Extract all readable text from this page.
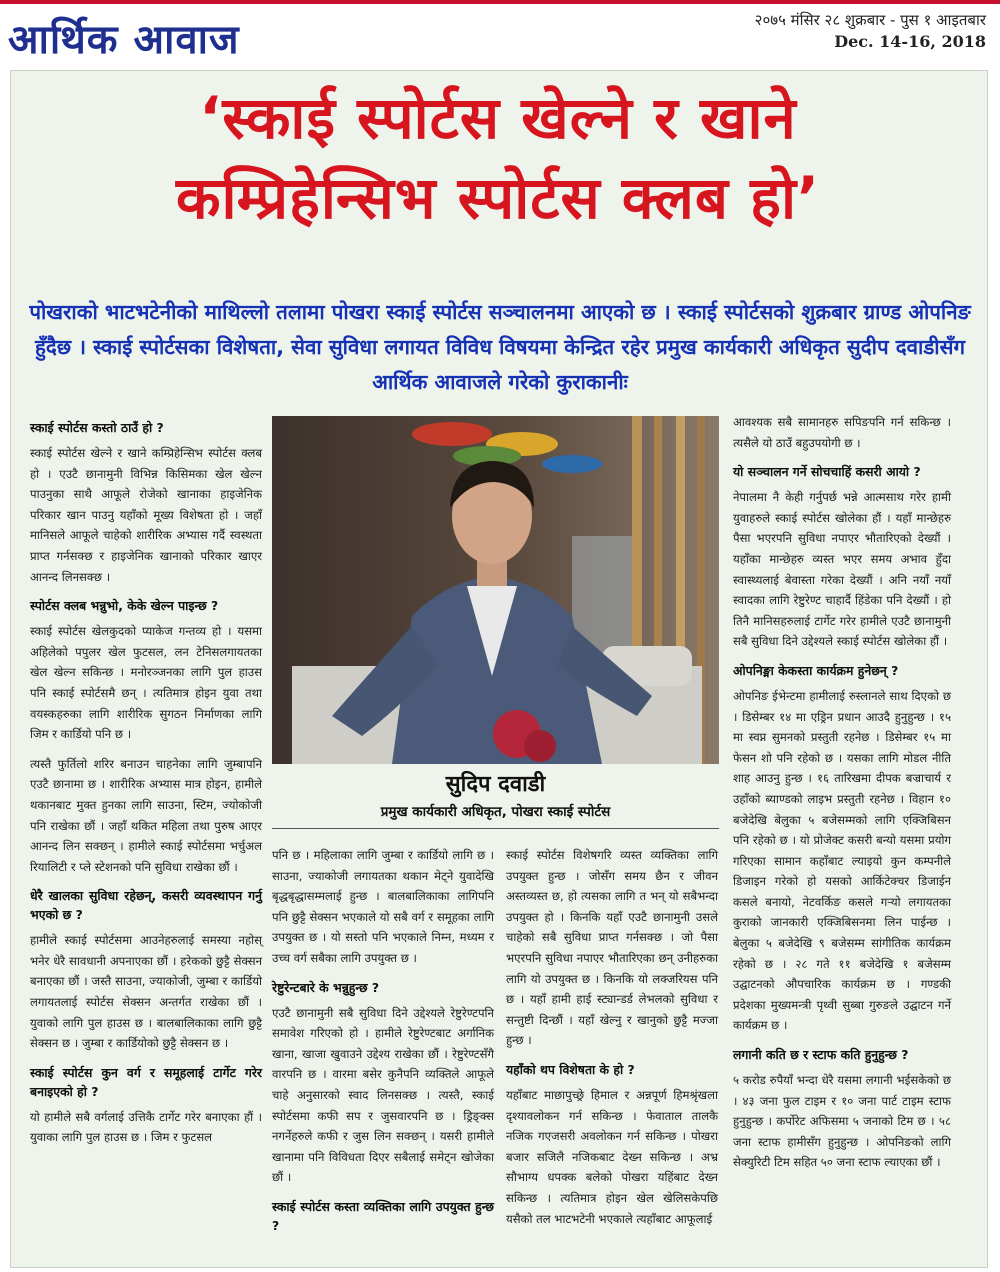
आर्थिक आवाज	२०७५ मंसिर २८ शुक्रबार - पुस १ आइतबार
Dec. 14-16, 2018
‘स्काई स्पोर्टस खेल्ने र खाने
कम्प्रिहेन्सिभ स्पोर्टस क्लब हो’
पोखराको भाटभटेनीको माथिल्लो तलामा पोखरा स्काई स्पोर्टस सञ्चालनमा आएको छ । स्काई स्पोर्टसको शुक्रबार ग्राण्ड ओपनिङ हुँदैछ । स्काई स्पोर्टसका विशेषता, सेवा सुविधा लगायत विविध विषयमा केन्द्रित रहेर प्रमुख कार्यकारी अधिकृत सुदीप दवाडीसँग आर्थिक आवाजले गरेको कुराकानीः
स्काई स्पोर्टस कस्तो ठाउँ हो ?

स्काई स्पोर्टस खेल्ने र खाने कम्प्रिहेन्सिभ स्पोर्टस क्लब हो । एउटै छानामुनी विभिन्न किसिमका खेल खेल्न पाउनुका साथै आफूले रोजेको खानाका हाइजेनिक परिकार खान पाउनु यहाँको मूख्य विशेषता हो । जहाँ मानिसले आफूले चाहेको शारीरिक अभ्यास गर्दै स्वस्थता प्राप्त गर्नसक्छ र हाइजेनिक खानाको परिकार खाएर आनन्द लिनसक्छ ।

स्पोर्टस क्लब भन्नुभो, केके खेल्न पाइन्छ ?

स्काई स्पोर्टस खेलकुदको प्याकेज गन्तव्य हो । यसमा अहिलेको पपुलर खेल फुटसल, लन टेनिसलगायतका खेल खेल्न सकिन्छ । मनोरञ्जनका लागि पुल हाउस पनि स्काई स्पोर्टसमै छन् । त्यतिमात्र होइन युवा तथा वयस्कहरुका लागि शारीरिक सुगठन निर्माणका लागि जिम र कार्डियो पनि छ ।

त्यस्तै फुर्तिलो शरिर बनाउन चाहनेका लागि जुम्बापनि एउटै छानामा छ । शारीरिक अभ्यास मात्र होइन, हामीले थकानबाट मुक्त हुनका लागि साउना, स्टिम, ज्योकोजी पनि राखेका छौं । जहाँ थकित महिला तथा पुरुष आएर आनन्द लिन सक्छन् । हामीले स्काई स्पोर्टसमा भर्चुअल रियालिटी र प्ले स्टेशनको पनि सुविधा राखेका छौं ।

धेरै खालका सुविधा रहेछन्, कसरी व्यवस्थापन गर्नु भएको छ ?

हामीले स्काई स्पोर्टसमा आउनेहरुलाई समस्या नहोस् भनेर धेरै सावधानी अपनाएका छौं । हरेकको छुट्टै सेक्सन बनाएका छौं । जस्तै साउना, ज्याकोजी, जुम्बा र कार्डियो लगायतलाई स्पोर्टस सेक्सन अन्तर्गत राखेका छौं । युवाको लागि पुल हाउस छ । बालबालिकाका लागि छुट्टै सेक्सन छ । जुम्बा र कार्डियोको छुट्टै सेक्सन छ ।

स्काई स्पोर्टस कुन वर्ग र समूहलाई टार्गेट गरेर बनाइएको हो ?

यो हामीले सबै वर्गलाई उत्तिकै टार्गेट गरेर बनाएका हौं । युवाका लागि पुल हाउस छ । जिम र फुटसल

सुदिप दवाडी
प्रमुख कार्यकारी अधिकृत, पोखरा स्काई स्पोर्टस

पनि छ । महिलाका लागि जुम्बा र कार्डियो लागि छ । साउना, ज्याकोजी लगायतका थकान मेट्ने युवादेखि बृद्धबृद्धासम्मलाई हुन्छ । बालबालिकाका लागिपनि पनि छुट्टै सेक्सन भएकाले यो सबै वर्ग र समूहका लागि उपयुक्त छ । यो सस्तो पनि भएकाले निम्न, मध्यम र उच्च वर्ग सबैका लागि उपयुक्त छ ।

रेष्टुरेन्टबारे के भन्नुहुन्छ ?

एउटै छानामुनी सबै सुविधा दिने उद्देश्यले रेष्टुरेण्टपनि समावेश गरिएको हो । हामीले रेष्टुरेण्टबाट अर्गानिक खाना, खाजा खुवाउने उद्देश्य राखेका छौं । रेष्टुरेण्टसँगै वारपनि छ । वारमा बसेर कुनैपनि व्यक्तिले आफूले चाहे अनुसारको स्वाद लिनसक्छ । त्यस्तै, स्काई स्पोर्टसमा कफी सप र जुसवारपनि छ । ड्रिङ्क्स नगर्नेहरुले कफी र जुस लिन सक्छन् । यसरी हामीले खानामा पनि विविधता दिएर सबैलाई समेट्न खोजेका छौं ।

स्काई स्पोर्टस कस्ता व्यक्तिका लागि उपयुक्त हुन्छ ?

स्काई स्पोर्टस विशेषगरि व्यस्त व्यक्तिका लागि उपयुक्त हुन्छ । जोसँग समय छैन र जीवन अस्तव्यस्त छ, हो त्यसका लागि त भन् यो सबैभन्दा उपयुक्त हो । किनकि यहाँ एउटै छानामुनी उसले चाहेको सबै सुविधा प्राप्त गर्नसक्छ । जो पैसा भएरपनि सुविधा नपाएर भौतारिएका छन् उनीहरुका लागि यो उपयुक्त छ । किनकि यो लक्जरियस पनि छ । यहाँ हामी हाई स्ट्यान्डर्ड लेभलको सुविधा र सन्तुष्टी दिन्छौं । यहाँ खेल्नु र खानुको छुट्टै मज्जा हुन्छ ।

यहाँको थप विशेषता के हो ?

यहाँबाट माछापुच्छ्रे हिमाल र अन्नपूर्ण हिमश्रृंखला दृश्यावलोकन गर्न सकिन्छ । फेवाताल तालकै नजिक गएजसरी अवलोकन गर्न सकिन्छ । पोखरा बजार सजिलै नजिकबाट देख्न सकिन्छ । अभ्र सौभाग्य धपक्क बलेको पोखरा यहिंबाट देख्न सकिन्छ । त्यतिमात्र होइन खेल खेलिसकेपछि यसैको तल भाटभटेनी भएकाले त्यहाँबाट आफूलाई

आवश्यक सबै सामानहरु सपिङपनि गर्न सकिन्छ । त्यसैले यो ठाउँ बहुउपयोगी छ ।

यो सञ्चालन गर्ने सोचचाहिं कसरी आयो ?

नेपालमा नै केही गर्नुपर्छ भन्ने आत्मसाथ गरेर हामी युवाहरुले स्काई स्पोर्टस खोलेका हौं । यहाँ मान्छेहरु पैसा भएरपनि सुविधा नपाएर भौतारिएको देख्यौं । यहाँका मान्छेहरु व्यस्त भएर समय अभाव हुँदा स्वास्थ्यलाई बेवास्ता गरेका देख्यौं । अनि नयाँ नयाँ स्वादका लागि रेष्टुरेण्ट चाहार्दै हिंडेका पनि देख्यौं । हो तिनै मानिसहरुलाई टार्गेट गरेर हामीले एउटै छानामुनी सबै सुविधा दिने उद्देश्यले स्काई स्पोर्टस खोलेका हौं ।

ओपनिङ्मा केकस्ता कार्यक्रम हुनेछन् ?

ओपनिङ ईभेन्टमा हामीलाई रुस्लानले साथ दिएको छ । डिसेम्बर १४ मा एड्रिन प्रधान आउदै हुनुहुन्छ । १५ मा स्वप्न सुमनको प्रस्तुती रहनेछ । डिसेम्बर १५ मा फेसन शो पनि रहेको छ । यसका लागि मोडल नीति शाह आउनु हुन्छ । १६ तारिखमा दीपक बज्राचार्य र उहाँको ब्याण्डको लाइभ प्रस्तुती रहनेछ । विहान १० बजेदेखि बेलुका ५ बजेसम्मको लागि एक्जिबिसन पनि रहेको छ । यो प्रोजेक्ट कसरी बन्यो यसमा प्रयोग गरिएका सामान कहाँबाट ल्याइयो कुन कम्पनीले डिजाइन गरेको हो यसको आर्किटेक्चर डिजाईन कसले बनायो, नेटवर्किङ कसले गर्‍यो लगायतका कुराको जानकारी एक्जिबिसनमा लिन पाईन्छ । बेलुका ५ बजेदेखि ९ बजेसम्म सांगीतिक कार्यक्रम रहेको छ । २८ गते ११ बजेदेखि १ बजेसम्म उद्घाटनको औपचारिक कार्यक्रम छ । गण्डकी प्रदेशका मुख्यमन्त्री पृथ्वी सुब्बा गुरुङले उद्घाटन गर्ने कार्यक्रम छ ।

लगानी कति छ र स्टाफ कति हुनुहुन्छ ?

५ करोड रुपैयाँ भन्दा धेरै यसमा लगानी भईसकेको छ । ४३ जना फुल टाइम र १० जना पार्ट टाइम स्टाफ हुनुहुन्छ । कर्पोरेट अफिसमा ५ जनाको टिम छ । ५८ जना स्टाफ हामीसँग हुनुहुन्छ । ओपनिङको लागि सेक्युरिटी टिम सहित ५० जना स्टाफ ल्याएका छौं ।
